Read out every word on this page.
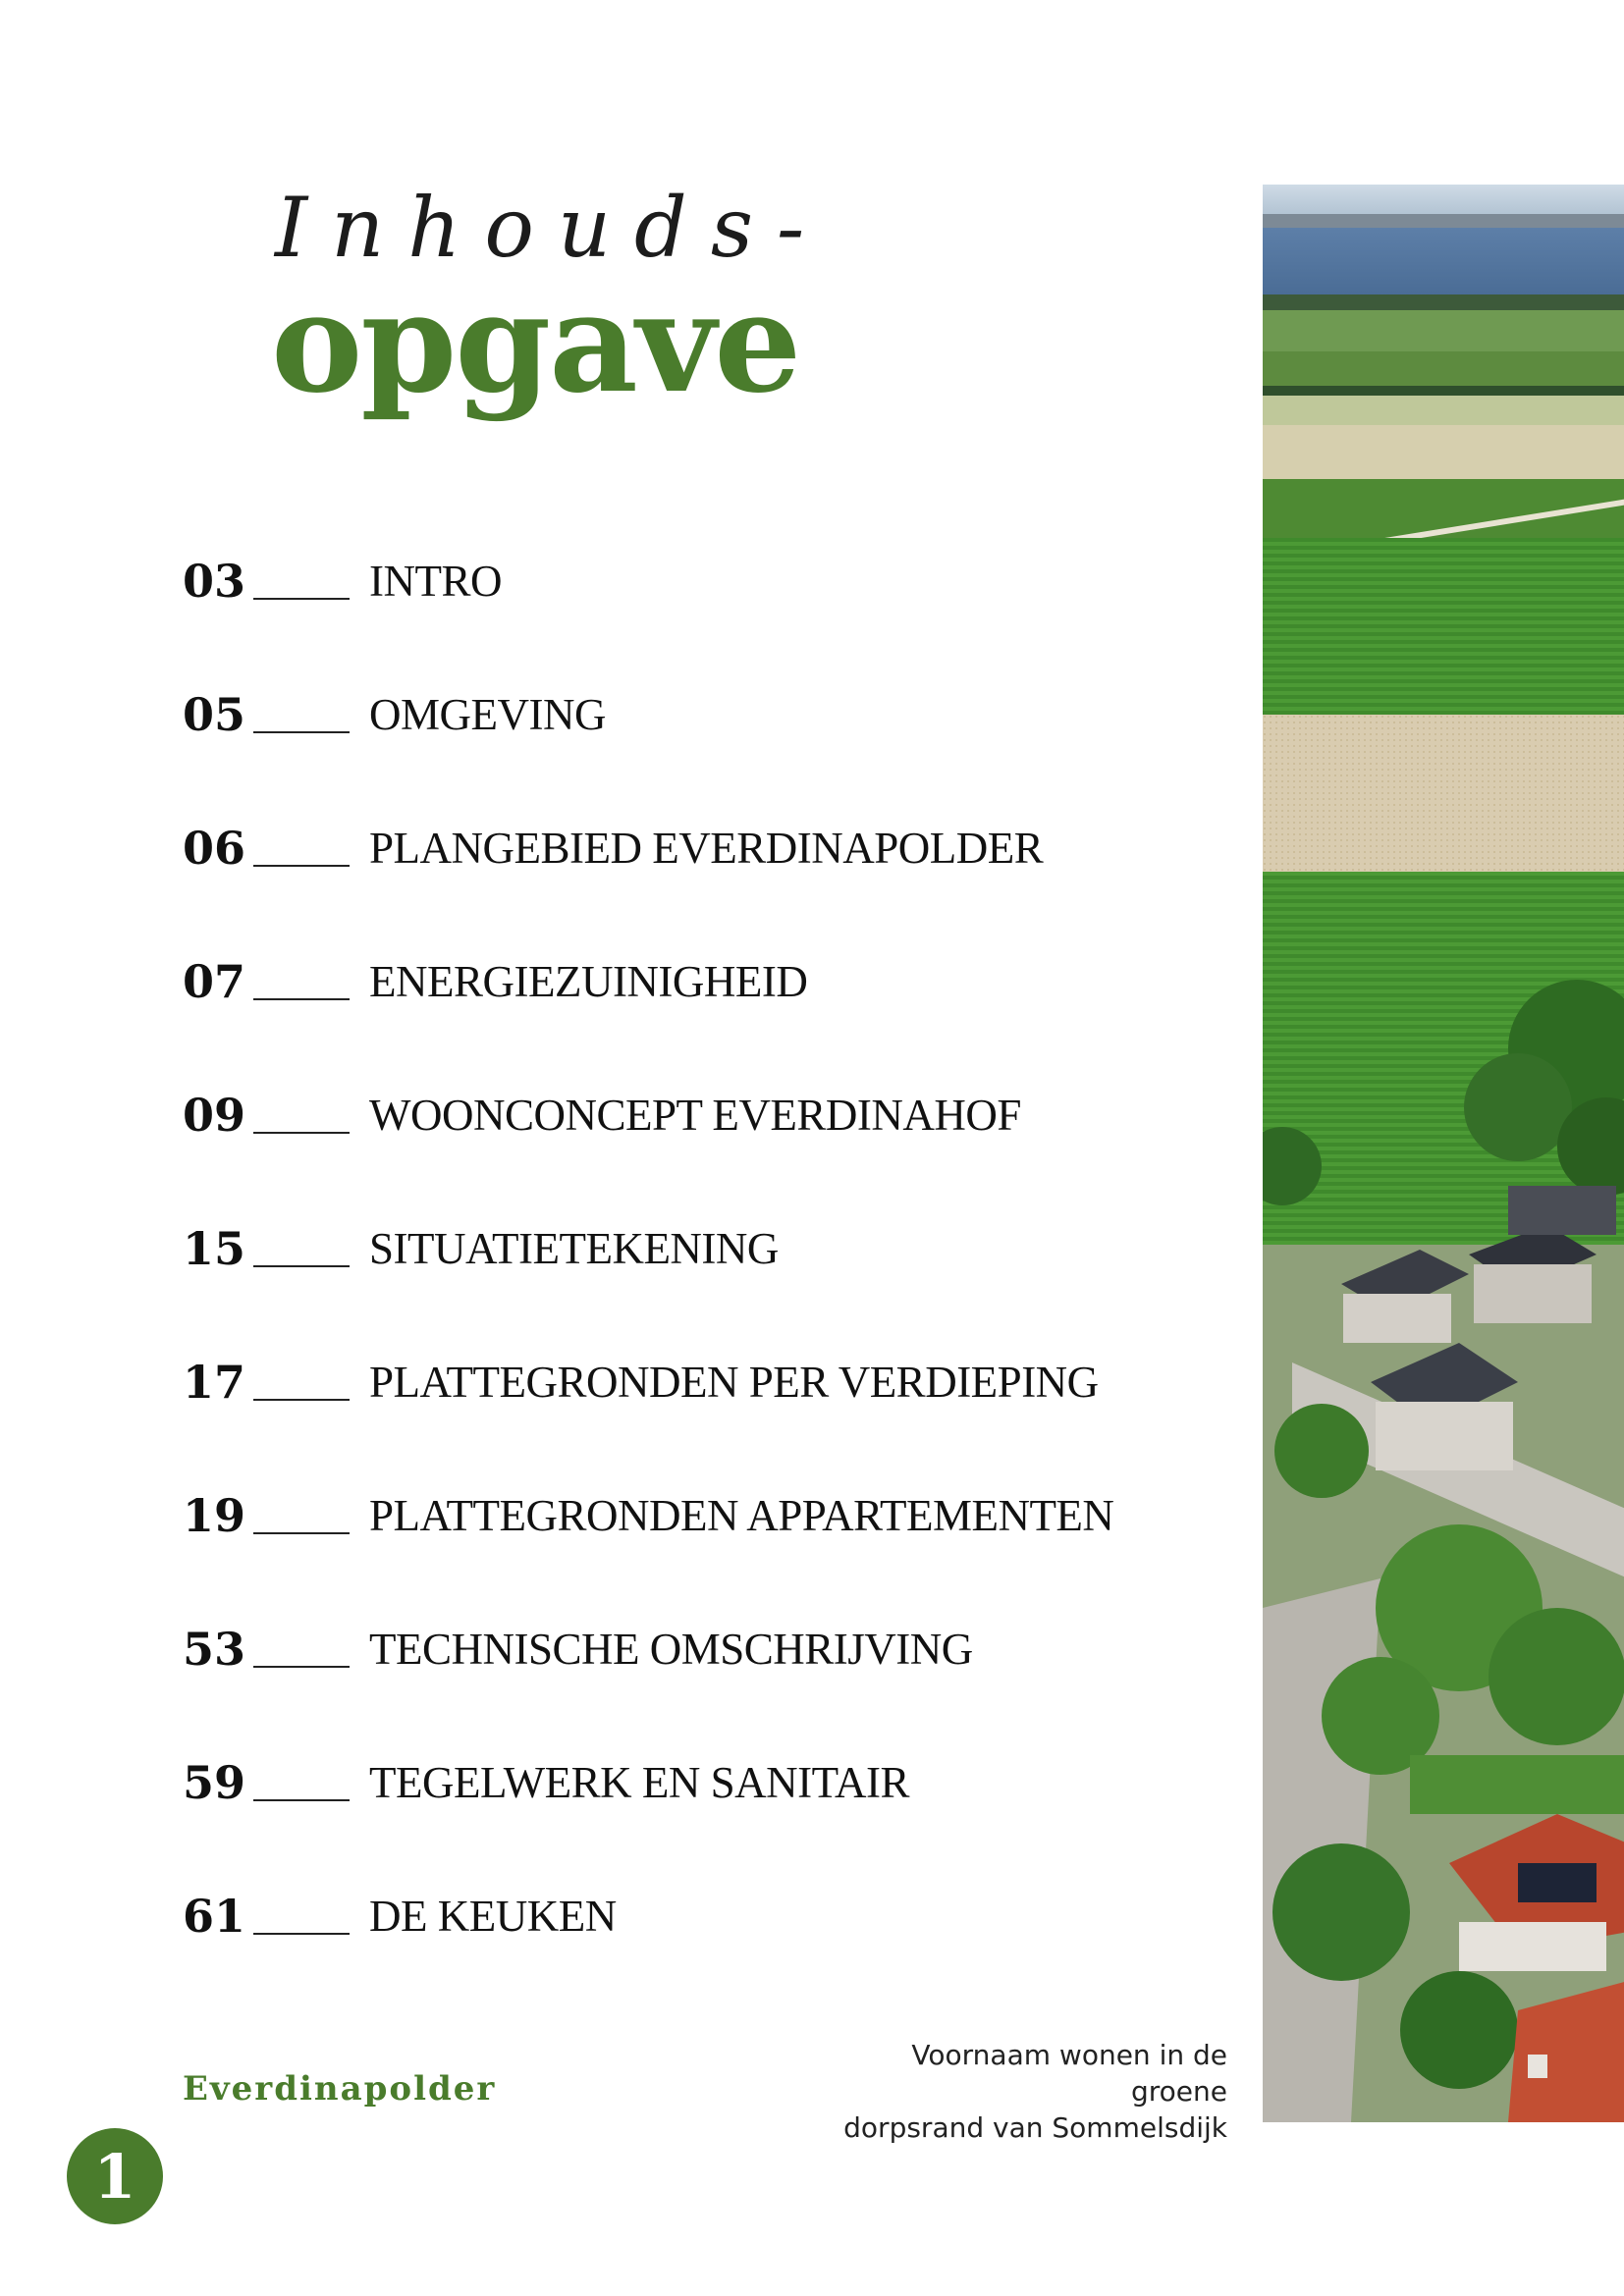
Inhouds-
opgave
03	INTRO
05	OMGEVING
06	PLANGEBIED EVERDINAPOLDER
07	ENERGIEZUINIGHEID
09	WOONCONCEPT EVERDINAHOF
15	SITUATIETEKENING
17	PLATTEGRONDEN PER VERDIEPING
19	PLATTEGRONDEN APPARTEMENTEN
53	TECHNISCHE OMSCHRIJVING
59	TEGELWERK EN SANITAIR
61	DE KEUKEN
Everdinapolder
Voornaam wonen in de groene
dorpsrand van Sommelsdijk
1
